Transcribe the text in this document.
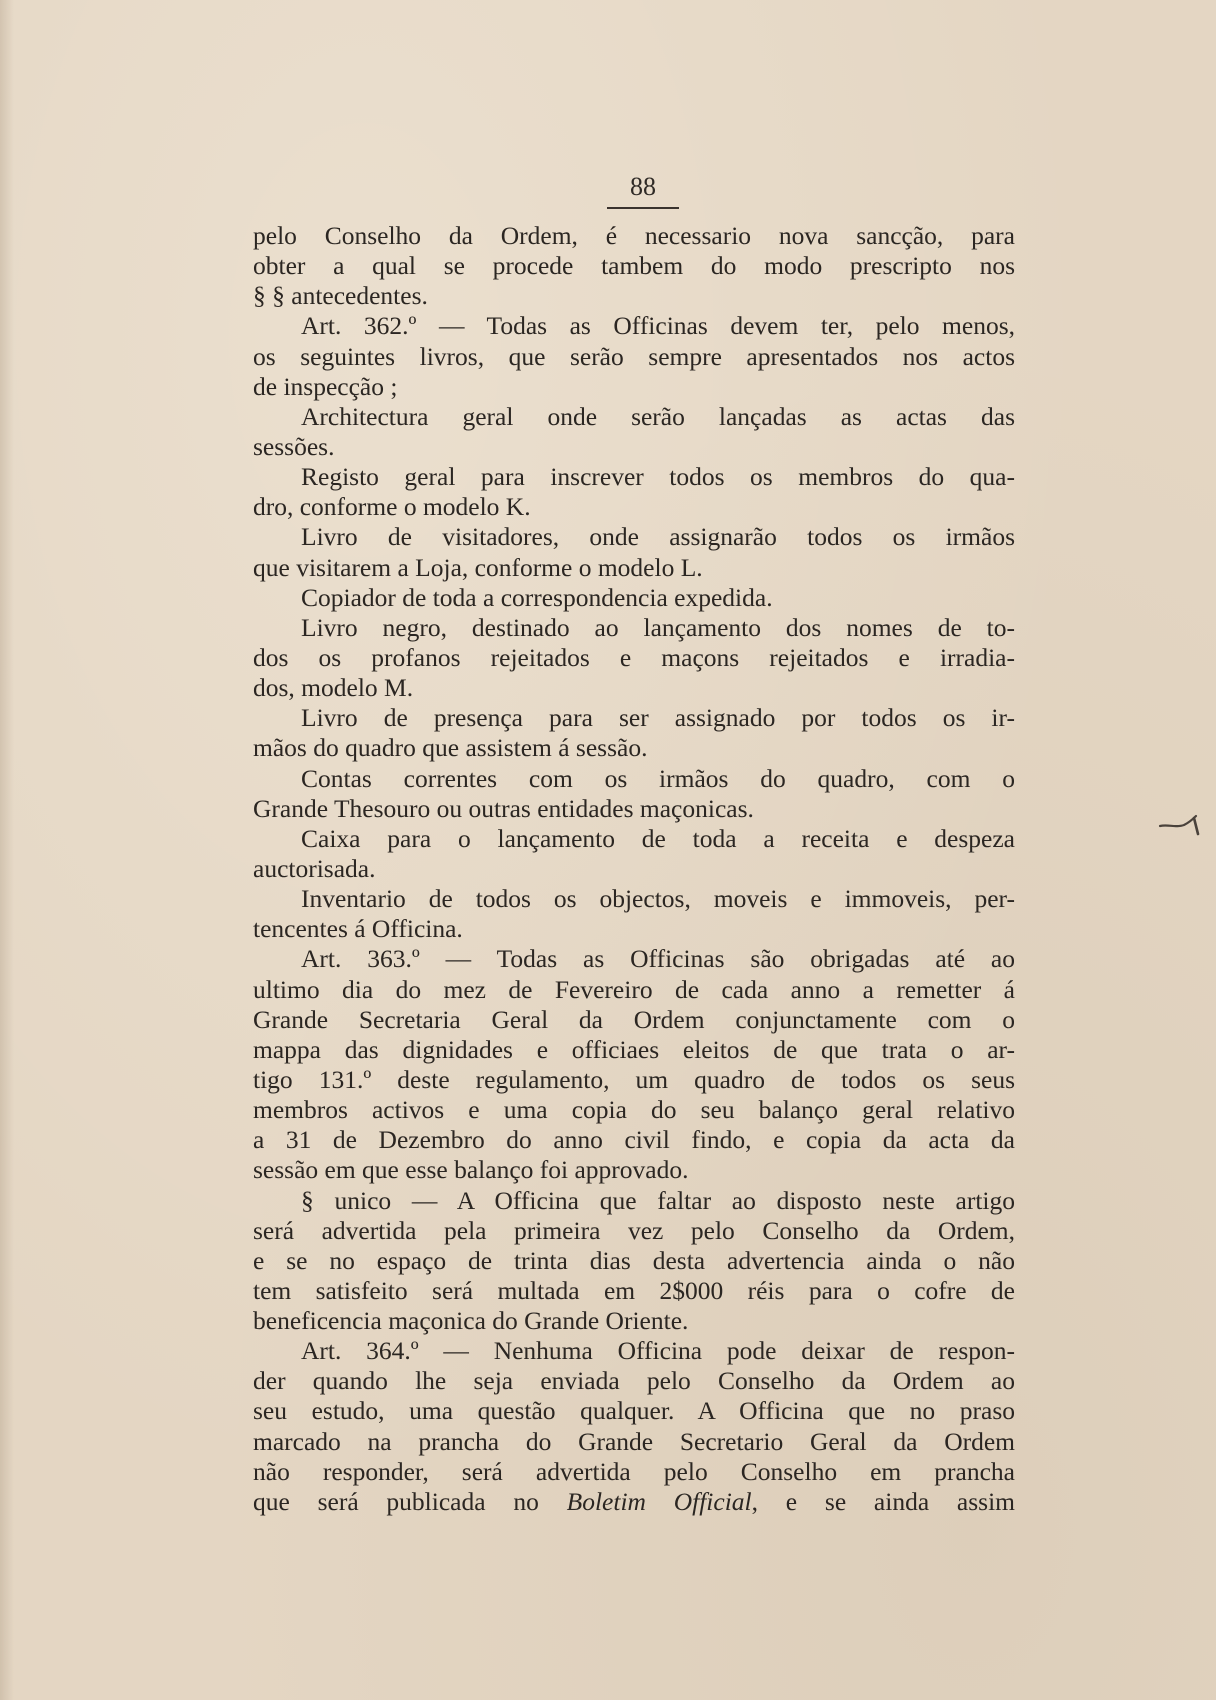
88
pelo Conselho da Ordem, é necessario nova sancção, para
obter a qual se procede tambem do modo prescripto nos
§ § antecedentes.
Art. 362.º — Todas as Officinas devem ter, pelo menos,
os seguintes livros, que serão sempre apresentados nos actos
de inspecção ;
Architectura geral onde serão lançadas as actas das
sessões.
Registo geral para inscrever todos os membros do qua-
dro, conforme o modelo K.
Livro de visitadores, onde assignarão todos os irmãos
que visitarem a Loja, conforme o modelo L.
Copiador de toda a correspondencia expedida.
Livro negro, destinado ao lançamento dos nomes de to-
dos os profanos rejeitados e maçons rejeitados e irradia-
dos, modelo M.
Livro de presença para ser assignado por todos os ir-
mãos do quadro que assistem á sessão.
Contas correntes com os irmãos do quadro, com o
Grande Thesouro ou outras entidades maçonicas.
Caixa para o lançamento de toda a receita e despeza
auctorisada.
Inventario de todos os objectos, moveis e immoveis, per-
tencentes á Officina.
Art. 363.º — Todas as Officinas são obrigadas até ao
ultimo dia do mez de Fevereiro de cada anno a remetter á
Grande Secretaria Geral da Ordem conjunctamente com o
mappa das dignidades e officiaes eleitos de que trata o ar-
tigo 131.º deste regulamento, um quadro de todos os seus
membros activos e uma copia do seu balanço geral relativo
a 31 de Dezembro do anno civil findo, e copia da acta da
sessão em que esse balanço foi approvado.
§ unico — A Officina que faltar ao disposto neste artigo
será advertida pela primeira vez pelo Conselho da Ordem,
e se no espaço de trinta dias desta advertencia ainda o não
tem satisfeito será multada em 2$000 réis para o cofre de
beneficencia maçonica do Grande Oriente.
Art. 364.º — Nenhuma Officina pode deixar de respon-
der quando lhe seja enviada pelo Conselho da Ordem ao
seu estudo, uma questão qualquer. A Officina que no praso
marcado na prancha do Grande Secretario Geral da Ordem
não responder, será advertida pelo Conselho em prancha
que será publicada no Boletim Official, e se ainda assim
